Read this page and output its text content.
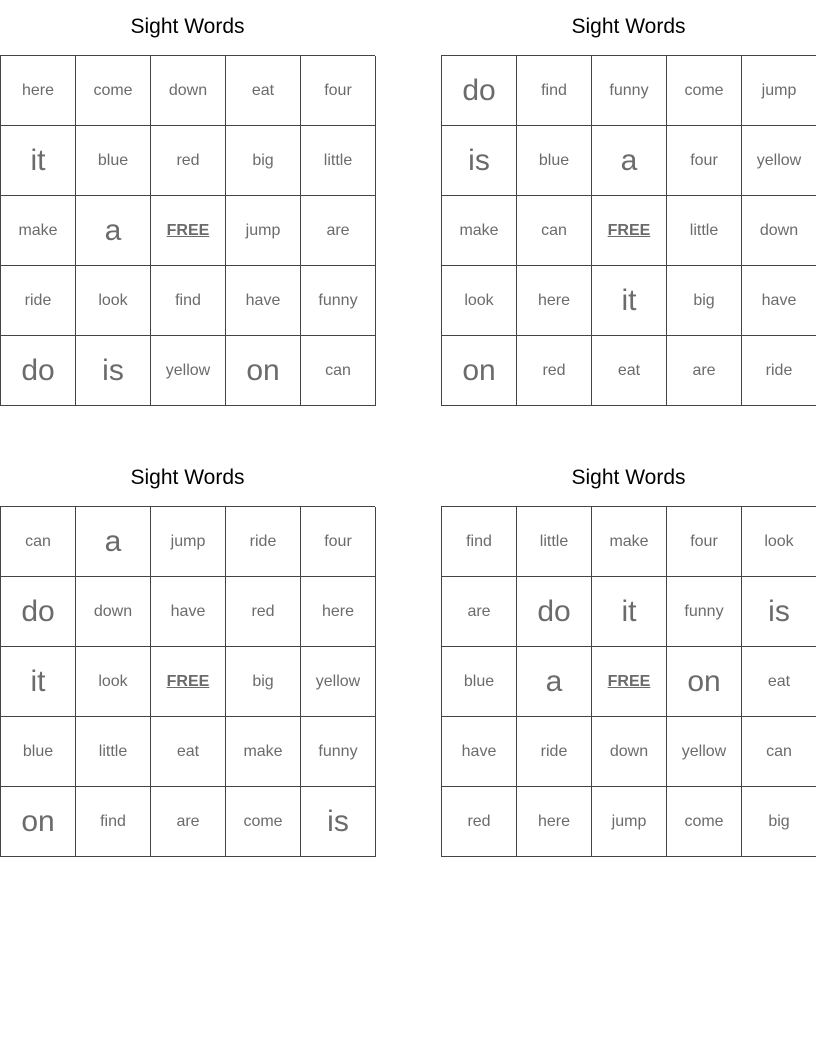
Sight Words
here	come	down	eat	four
it	blue	red	big	little
make	a	FREE	jump	are
ride	look	find	have	funny
do	is	yellow	on	can
Sight Words
do	find	funny	come	jump
is	blue	a	four	yellow
make	can	FREE	little	down
look	here	it	big	have
on	red	eat	are	ride
Sight Words
can	a	jump	ride	four
do	down	have	red	here
it	look	FREE	big	yellow
blue	little	eat	make	funny
on	find	are	come	is
Sight Words
find	little	make	four	look
are	do	it	funny	is
blue	a	FREE	on	eat
have	ride	down	yellow	can
red	here	jump	come	big
